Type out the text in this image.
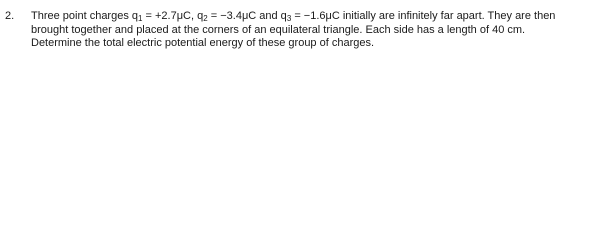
2.	Three point charges $q_1 = +2.7\mu C$, $q_2 = -3.4\mu C$ and $q_3 = -1.6\mu C$ initially are infinitely far apart. They are then
brought together and placed at the corners of an equilateral triangle. Each side has a length of 40 cm.
Determine the total electric potential energy of these group of charges.
